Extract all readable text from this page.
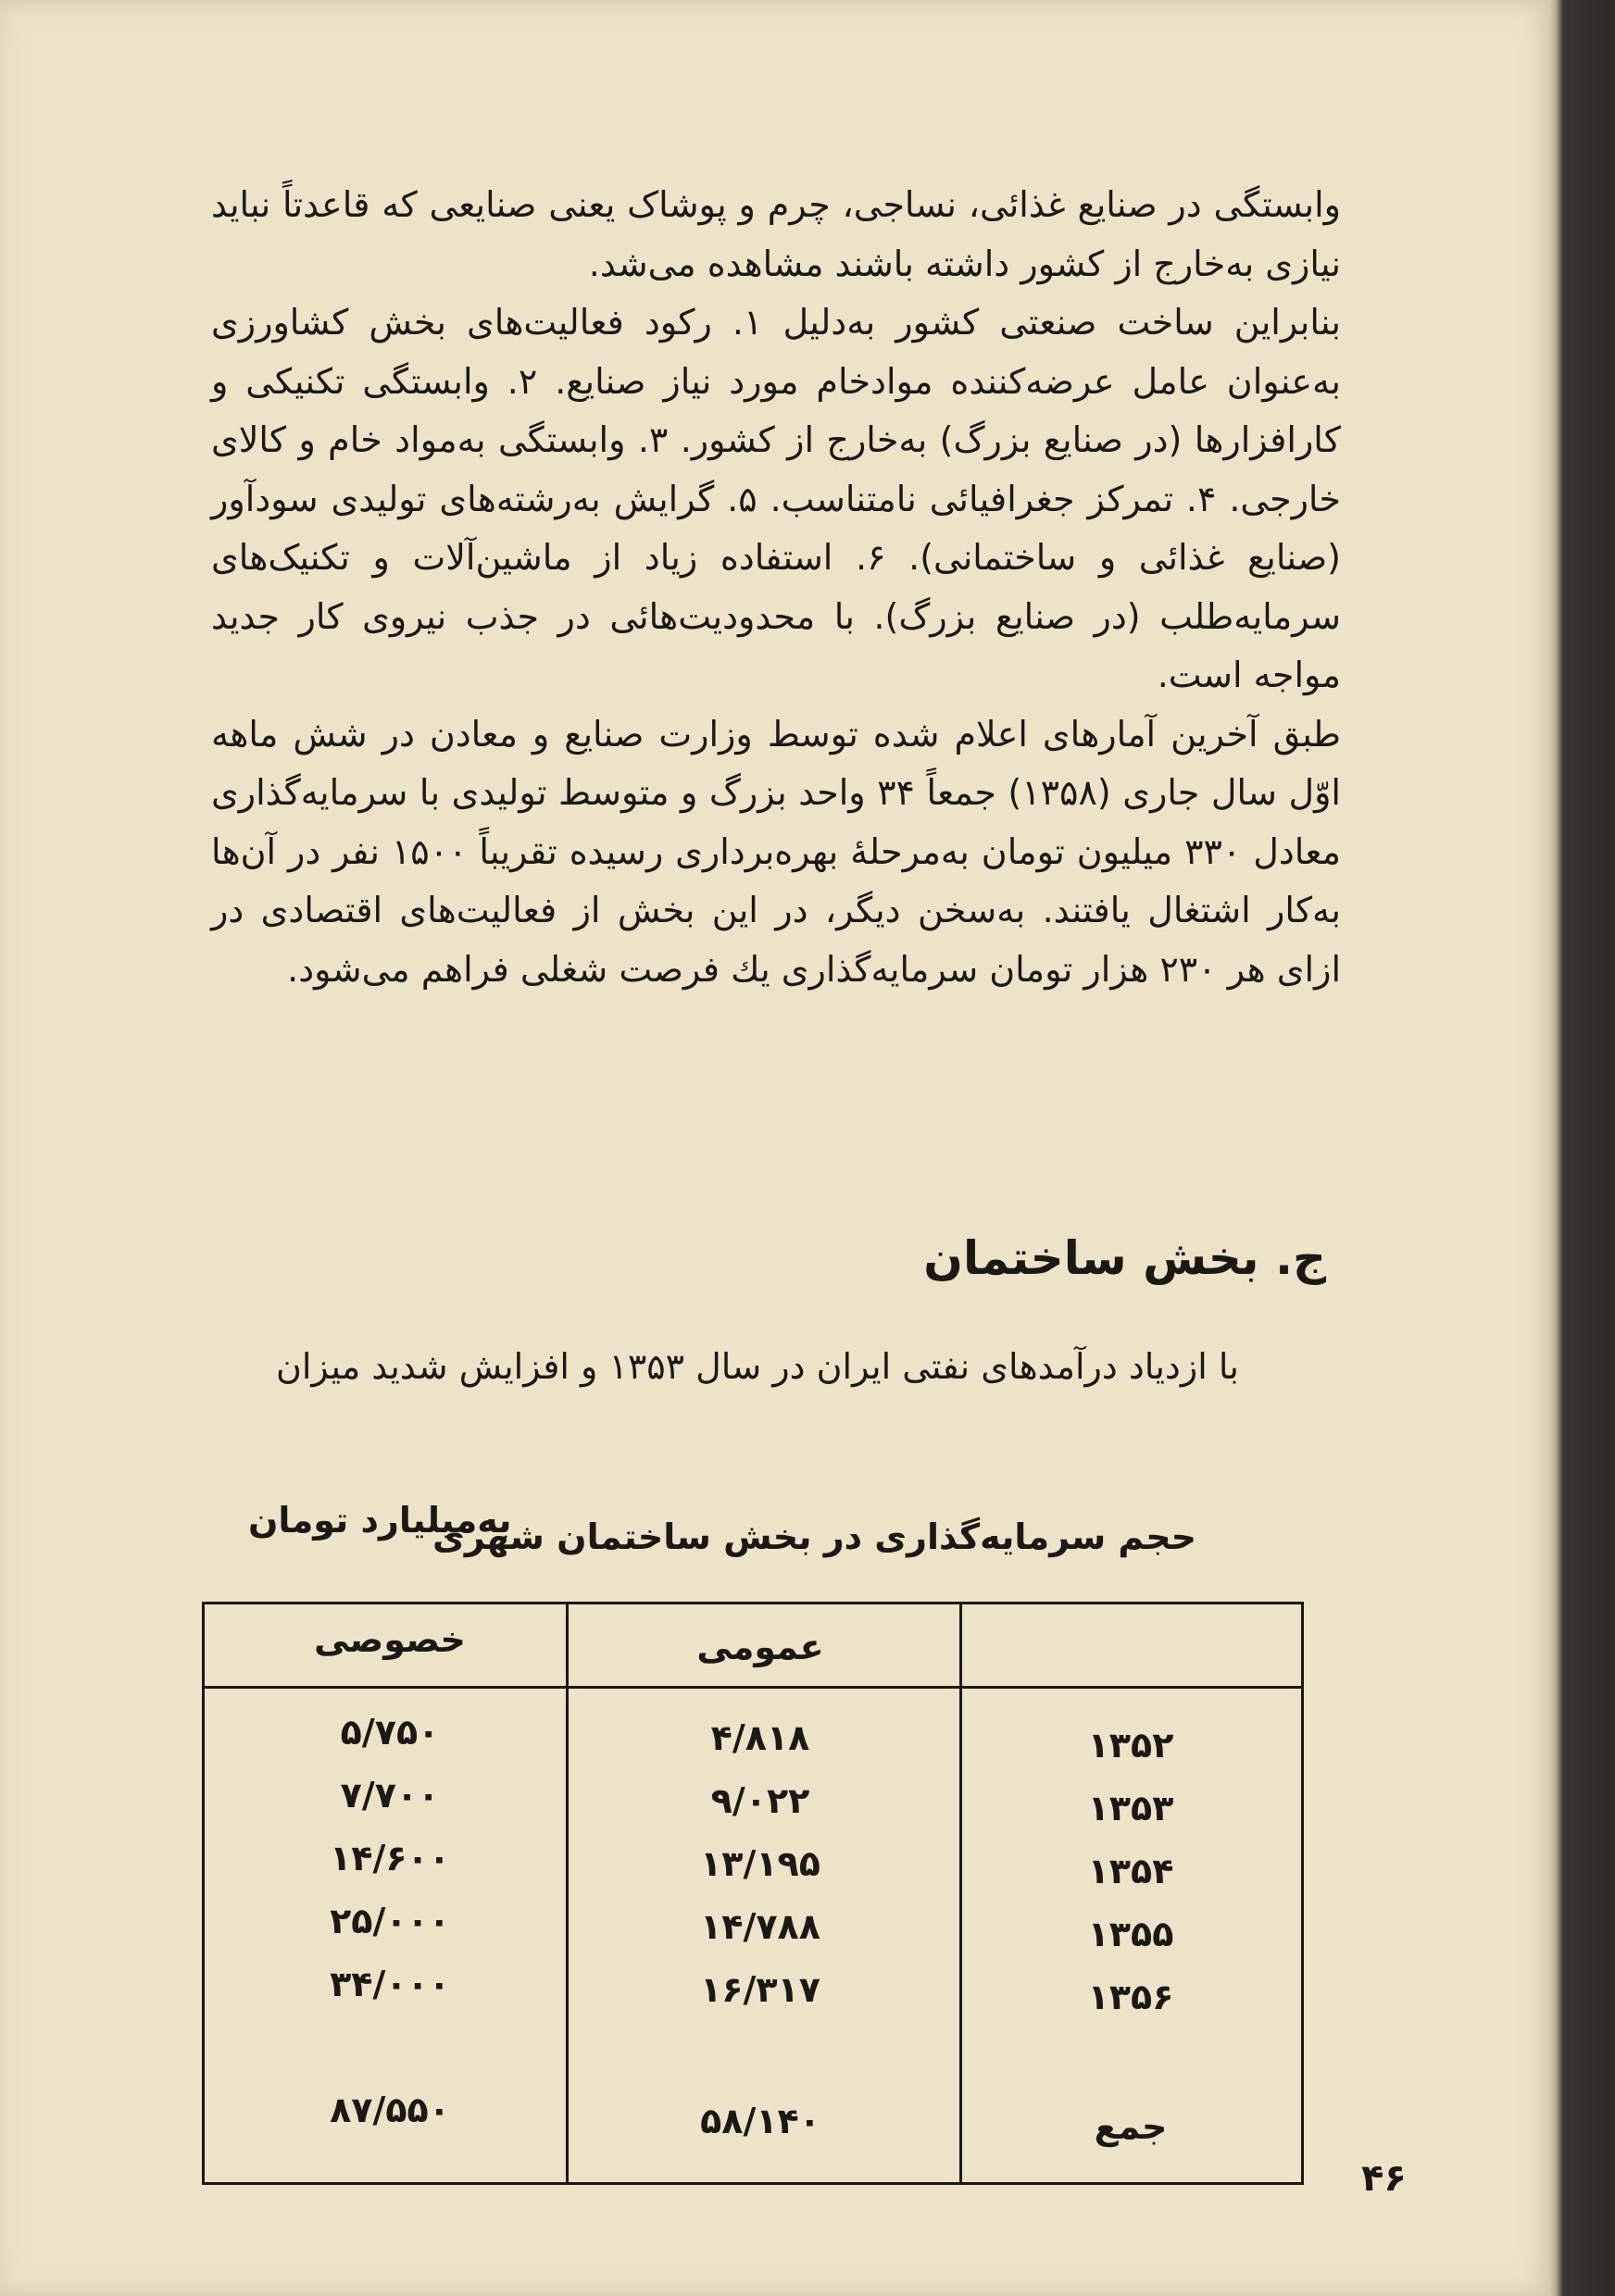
وابستگی در صنایع غذائی، نساجی، چرم و پوشاک یعنی صنایعی که قاعدتاً نباید نیازی به‌خارج از کشور داشته باشند مشاهده می‌شد.

بنابراین ساخت صنعتی کشور به‌دلیل ۱. رکود فعالیت‌های بخش کشاورزی به‌عنوان عامل عرضه‌کننده موادخام مورد نیاز صنایع. ۲. وابستگی تکنیکی و کارافزارها (در صنایع بزرگ) به‌خارج از کشور. ۳. وابستگی به‌مواد خام و کالای خارجی. ۴. تمرکز جغرافیائی نامتناسب. ۵. گرایش به‌رشته‌های تولیدی سودآور (صنایع غذائی و ساختمانی). ۶. استفاده زیاد از ماشین‌آلات و تکنیک‌های سرمایه‌طلب (در صنایع بزرگ). با محدودیت‌هائی در جذب نیروی کار جدید مواجه است.

طبق آخرین آمارهای اعلام شده توسط وزارت صنایع و معادن در شش ماهه اوّل سال جاری (۱۳۵۸) جمعاً ۳۴ واحد بزرگ و متوسط تولیدی با سرمایه‌گذاری معادل ۳۳۰ میلیون تومان به‌مرحلهٔ بهره‌برداری رسیده تقریباً ۱۵۰۰ نفر در آن‌ها به‌کار اشتغال یافتند. به‌سخن دیگر، در این بخش از فعالیت‌های اقتصادی در ازای هر ۲۳۰ هزار تومان سرمایه‌گذاری یك فرصت شغلی فراهم می‌شود.

ج. بخش ساختمان
با ازدیاد درآمدهای نفتی ایران در سال ۱۳۵۳ و افزایش شدید میزان
حجم سرمایه‌گذاری در بخش ساختمان شهری
به‌میلیارد تومان
عمومی
خصوصی
۱۳۵۲
۴/۸۱۸
۵/۷۵۰
۱۳۵۳
۹/۰۲۲
۷/۷۰۰
۱۳۵۴
۱۳/۱۹۵
۱۴/۶۰۰
۱۳۵۵
۱۴/۷۸۸
۲۵/۰۰۰
۱۳۵۶
۱۶/۳۱۷
۳۴/۰۰۰
جمع
۵۸/۱۴۰
۸۷/۵۵۰
۴۶
